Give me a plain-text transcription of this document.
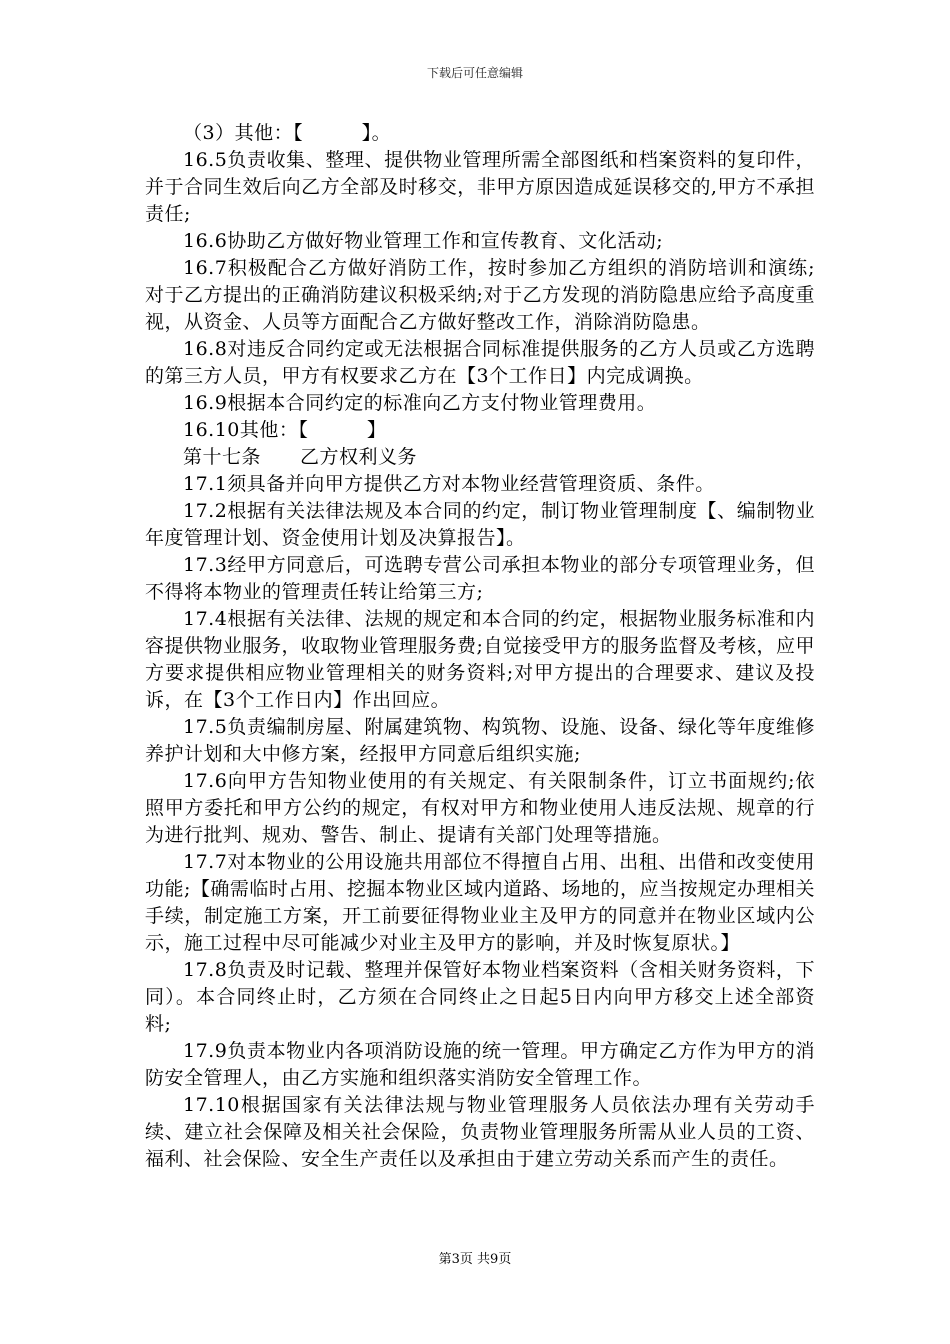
下载后可任意编辑

（3）其他：【　　　】。

16.5负责收集、整理、提供物业管理所需全部图纸和档案资料的复印件，并于合同生效后向乙方全部及时移交，非甲方原因造成延误移交的,甲方不承担责任;

16.6协助乙方做好物业管理工作和宣传教育、文化活动;

16.7积极配合乙方做好消防工作，按时参加乙方组织的消防培训和演练;对于乙方提出的正确消防建议积极采纳;对于乙方发现的消防隐患应给予高度重视，从资金、人员等方面配合乙方做好整改工作，消除消防隐患。

16.8对违反合同约定或无法根据合同标准提供服务的乙方人员或乙方选聘的第三方人员，甲方有权要求乙方在【3个工作日】内完成调换。

16.9根据本合同约定的标准向乙方支付物业管理费用。

16.10其他：【　　　】

第十七条　　乙方权利义务

17.1须具备并向甲方提供乙方对本物业经营管理资质、条件。

17.2根据有关法律法规及本合同的约定，制订物业管理制度【、编制物业年度管理计划、资金使用计划及决算报告】。

17.3经甲方同意后，可选聘专营公司承担本物业的部分专项管理业务，但不得将本物业的管理责任转让给第三方;

17.4根据有关法律、法规的规定和本合同的约定，根据物业服务标准和内容提供物业服务，收取物业管理服务费;自觉接受甲方的服务监督及考核，应甲方要求提供相应物业管理相关的财务资料;对甲方提出的合理要求、建议及投诉，在【3个工作日内】作出回应。

17.5负责编制房屋、附属建筑物、构筑物、设施、设备、绿化等年度维修养护计划和大中修方案，经报甲方同意后组织实施;

17.6向甲方告知物业使用的有关规定、有关限制条件，订立书面规约;依照甲方委托和甲方公约的规定，有权对甲方和物业使用人违反法规、规章的行为进行批判、规劝、警告、制止、提请有关部门处理等措施。

17.7对本物业的公用设施共用部位不得擅自占用、出租、出借和改变使用功能;【确需临时占用、挖掘本物业区域内道路、场地的，应当按规定办理相关手续，制定施工方案，开工前要征得物业业主及甲方的同意并在物业区域内公示，施工过程中尽可能减少对业主及甲方的影响，并及时恢复原状。】

17.8负责及时记载、整理并保管好本物业档案资料（含相关财务资料，下同）。本合同终止时，乙方须在合同终止之日起5日内向甲方移交上述全部资料;

17.9负责本物业内各项消防设施的统一管理。甲方确定乙方作为甲方的消防安全管理人，由乙方实施和组织落实消防安全管理工作。

17.10根据国家有关法律法规与物业管理服务人员依法办理有关劳动手续、建立社会保障及相关社会保险，负责物业管理服务所需从业人员的工资、福利、社会保险、安全生产责任以及承担由于建立劳动关系而产生的责任。

第3页 共9页
